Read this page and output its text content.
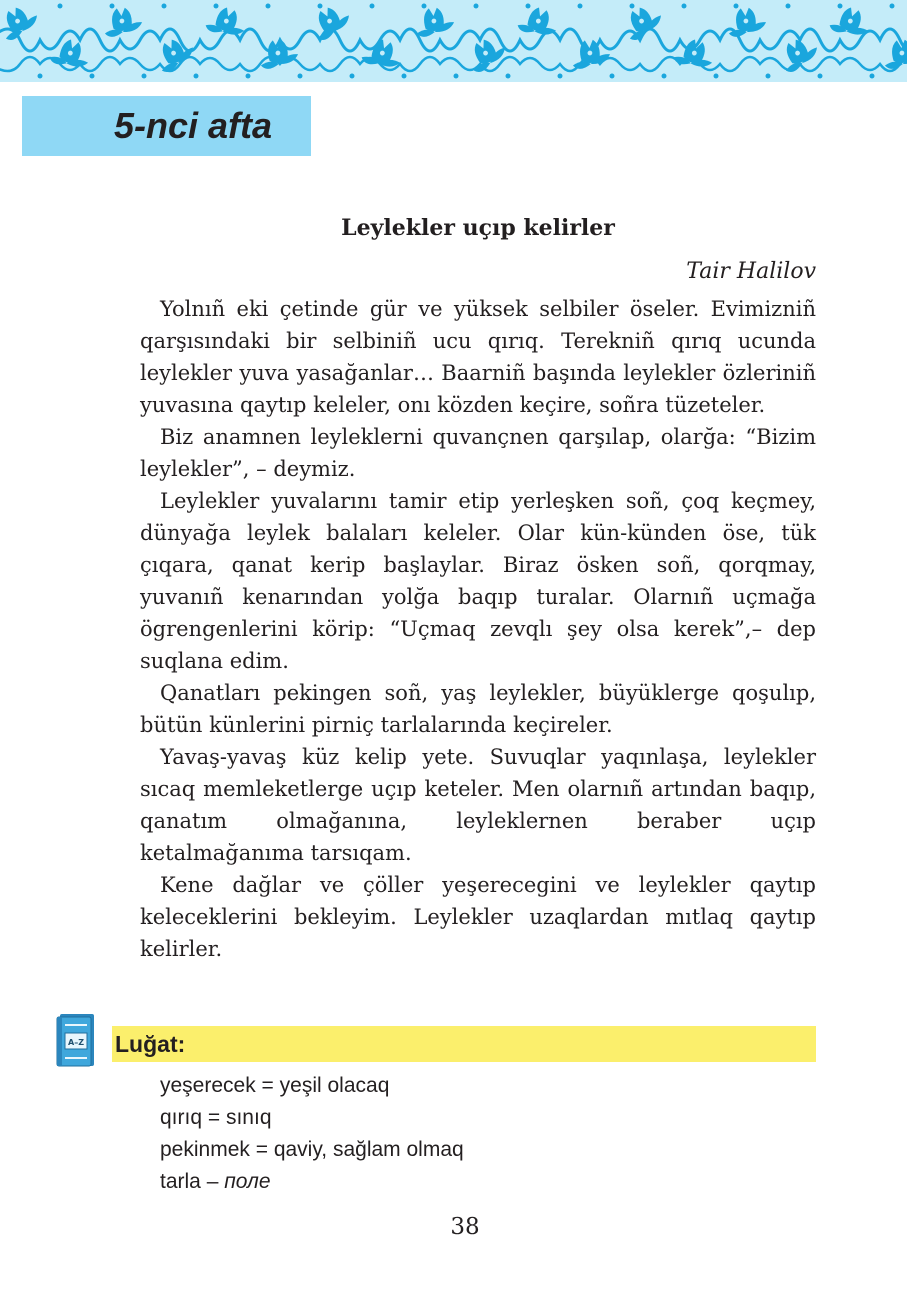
5-nci afta
Leylekler uçıp kelirler

Tair Halilov

Yolnıñ eki çetinde gür ve yüksek selbiler öseler. Evimizniñ qarşısındaki bir selbiniñ ucu qırıq. Terekniñ qırıq ucunda leylekler yuva yasağanlar… Baarniñ başında leylekler özleriniñ yuvasına qaytıp keleler, onı közden keçire, soñra tüzeteler.

Biz anamnen leyleklerni quvançnen qarşılap, olarğa: “Bizim leylekler”, – deymiz.

Leylekler yuvalarını tamir etip yerleşken soñ, çoq keçmey, dünyağa leylek balaları keleler. Olar kün-künden öse, tük çıqara, qanat kerip başlaylar. Biraz ösken soñ, qorqmay, yuvanıñ kenarından yolğa baqıp turalar. Olarnıñ uçmağa ögrengenlerini körip: “Uçmaq zevqlı şey olsa kerek”,– dep suqlana edim.

Qanatları pekingen soñ, yaş leylekler, büyüklerge qoşulıp, bütün künlerini pirniç tarlalarında keçireler.

Yavaş-yavaş küz kelip yete. Suvuqlar yaqınlaşa, leylekler sıcaq memleketlerge uçıp keteler. Men olarnıñ artından baqıp, qanatım olmağanına, leyleklernen beraber uçıp ketalmağanıma tarsıqam.

Kene dağlar ve çöller yeşerecegini ve leylekler qaytıp keleceklerini bekleyim. Leylekler uzaqlardan mıtlaq qaytıp kelirler.

A–Z Luğat:
yeşerecek = yeşil olacaq
qırıq = sınıq
pekinmek = qaviy, sağlam olmaq
tarla – поле
38
